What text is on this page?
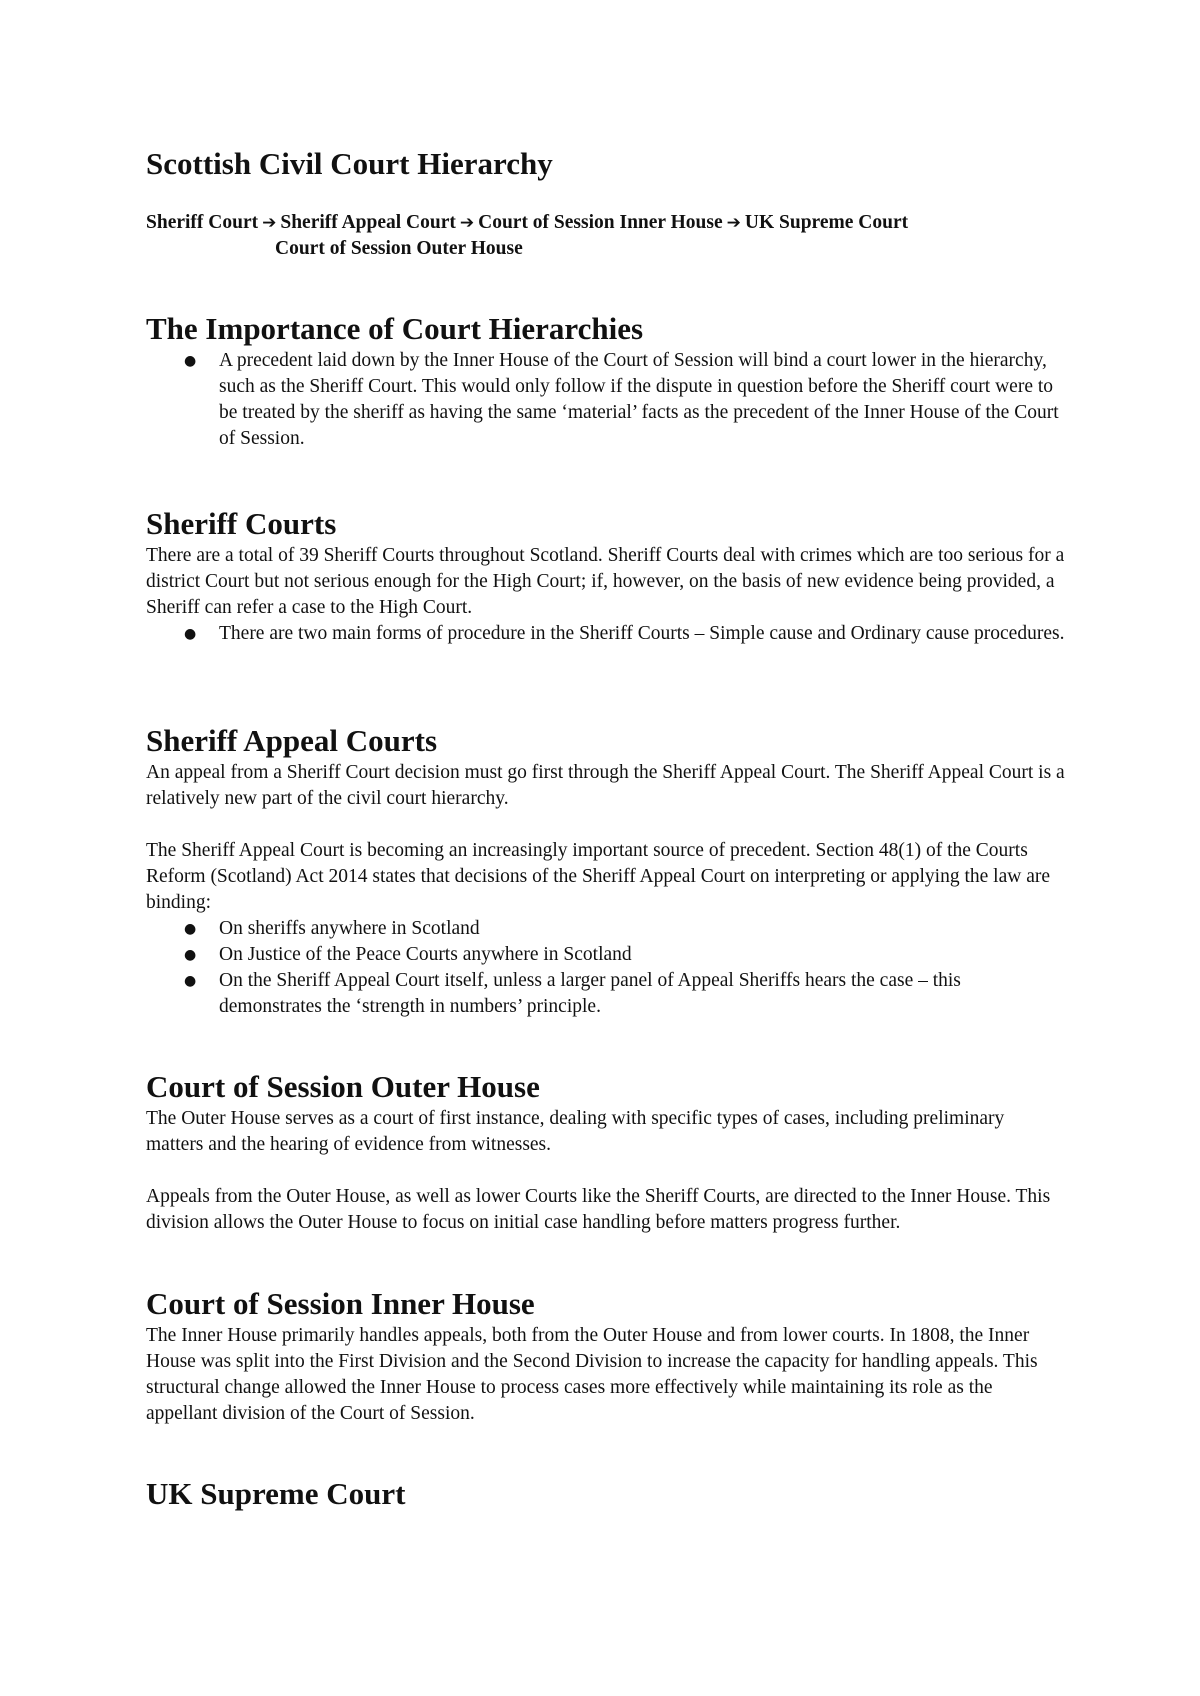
Scottish Civil Court Hierarchy
Sheriff Court ➔ Sheriff Appeal Court ➔ Court of Session Inner House ➔ UK Supreme Court
Court of Session Outer House
The Importance of Court Hierarchies
● A precedent laid down by the Inner House of the Court of Session will bind a court lower in the hierarchy, such as the Sheriff Court. This would only follow if the dispute in question before the Sheriff court were to be treated by the sheriff as having the same ‘material’ facts as the precedent of the Inner House of the Court of Session.
Sheriff Courts

There are a total of 39 Sheriff Courts throughout Scotland. Sheriff Courts deal with crimes which are too serious for a district Court but not serious enough for the High Court; if, however, on the basis of new evidence being provided, a Sheriff can refer a case to the High Court.

● There are two main forms of procedure in the Sheriff Courts – Simple cause and Ordinary cause procedures.
Sheriff Appeal Courts

An appeal from a Sheriff Court decision must go first through the Sheriff Appeal Court. The Sheriff Appeal Court is a relatively new part of the civil court hierarchy.

The Sheriff Appeal Court is becoming an increasingly important source of precedent. Section 48(1) of the Courts Reform (Scotland) Act 2014 states that decisions of the Sheriff Appeal Court on interpreting or applying the law are binding:

● On sheriffs anywhere in Scotland
● On Justice of the Peace Courts anywhere in Scotland
● On the Sheriff Appeal Court itself, unless a larger panel of Appeal Sheriffs hears the case – this demonstrates the ‘strength in numbers’ principle.
Court of Session Outer House

The Outer House serves as a court of first instance, dealing with specific types of cases, including preliminary matters and the hearing of evidence from witnesses.

Appeals from the Outer House, as well as lower Courts like the Sheriff Courts, are directed to the Inner House. This division allows the Outer House to focus on initial case handling before matters progress further.

Court of Session Inner House

The Inner House primarily handles appeals, both from the Outer House and from lower courts. In 1808, the Inner House was split into the First Division and the Second Division to increase the capacity for handling appeals. This structural change allowed the Inner House to process cases more effectively while maintaining its role as the appellant division of the Court of Session.

UK Supreme Court
